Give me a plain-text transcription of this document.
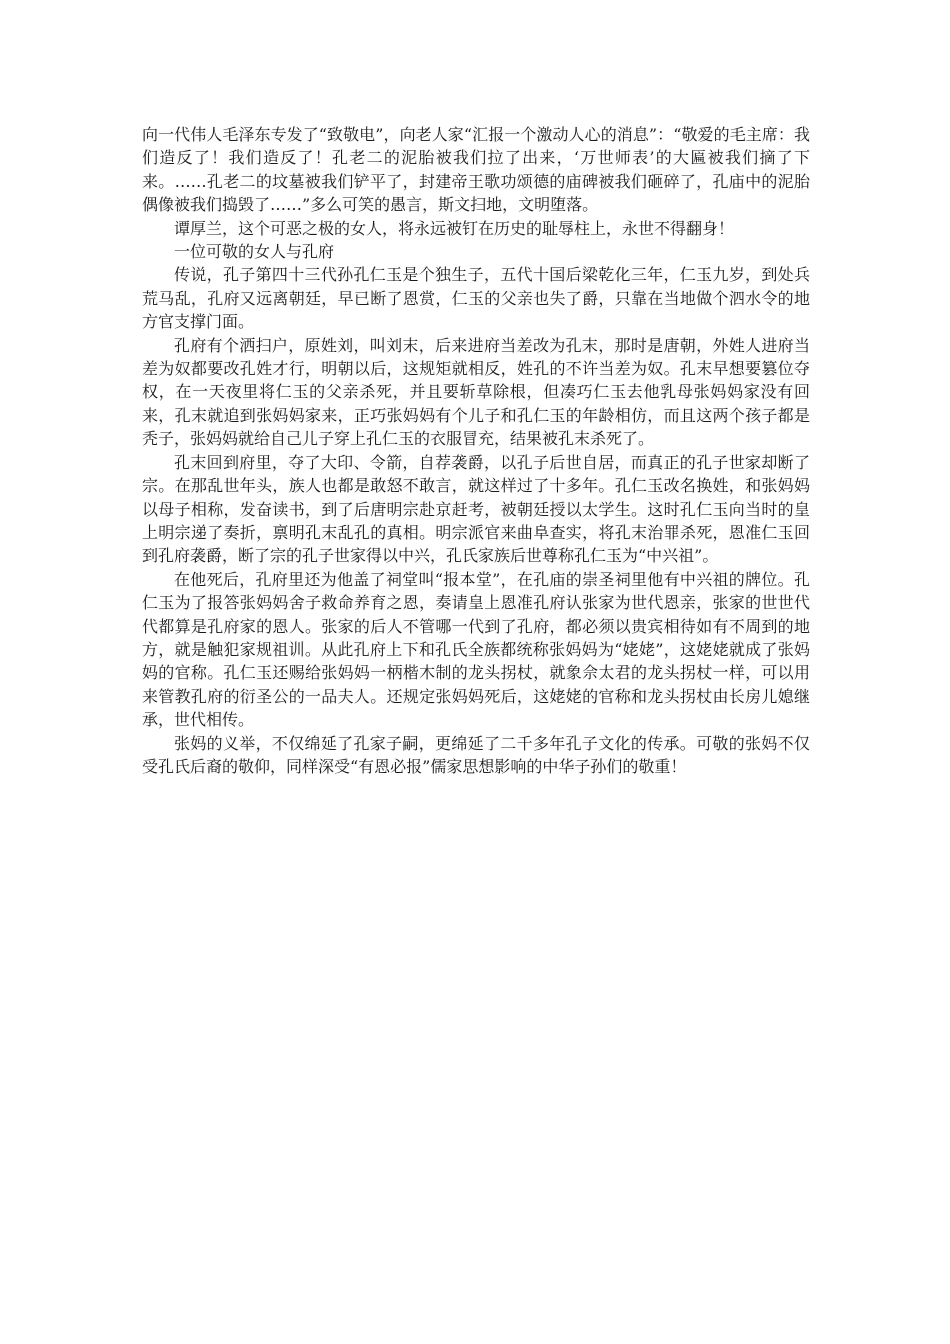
向一代伟人毛泽东专发了“致敬电”，向老人家“汇报一个激动人心的消息”：“敬爱的毛主席：我们造反了！我们造反了！孔老二的泥胎被我们拉了出来，‘万世师表’的大匾被我们摘了下来。……孔老二的坟墓被我们铲平了，封建帝王歌功颂德的庙碑被我们砸碎了，孔庙中的泥胎偶像被我们捣毁了……”多么可笑的愚言，斯文扫地，文明堕落。

谭厚兰，这个可恶之极的女人，将永远被钉在历史的耻辱柱上，永世不得翻身！

一位可敬的女人与孔府

传说，孔子第四十三代孙孔仁玉是个独生子，五代十国后梁乾化三年，仁玉九岁，到处兵荒马乱，孔府又远离朝廷，早已断了恩赏，仁玉的父亲也失了爵，只靠在当地做个泗水令的地方官支撑门面。

孔府有个洒扫户，原姓刘，叫刘末，后来进府当差改为孔末，那时是唐朝，外姓人进府当差为奴都要改孔姓才行，明朝以后，这规矩就相反，姓孔的不许当差为奴。孔末早想要篡位夺权，在一天夜里将仁玉的父亲杀死，并且要斩草除根，但凑巧仁玉去他乳母张妈妈家没有回来，孔末就追到张妈妈家来，正巧张妈妈有个儿子和孔仁玉的年龄相仿，而且这两个孩子都是秃子，张妈妈就给自己儿子穿上孔仁玉的衣服冒充，结果被孔末杀死了。

孔末回到府里，夺了大印、令箭，自荐袭爵，以孔子后世自居，而真正的孔子世家却断了宗。在那乱世年头，族人也都是敢怒不敢言，就这样过了十多年。孔仁玉改名换姓，和张妈妈以母子相称，发奋读书，到了后唐明宗赴京赶考，被朝廷授以太学生。这时孔仁玉向当时的皇上明宗递了奏折，禀明孔末乱孔的真相。明宗派官来曲阜查实，将孔末治罪杀死，恩准仁玉回到孔府袭爵，断了宗的孔子世家得以中兴，孔氏家族后世尊称孔仁玉为“中兴祖”。

在他死后，孔府里还为他盖了祠堂叫“报本堂”，在孔庙的崇圣祠里他有中兴祖的牌位。孔仁玉为了报答张妈妈舍子救命养育之恩，奏请皇上恩准孔府认张家为世代恩亲，张家的世世代代都算是孔府家的恩人。张家的后人不管哪一代到了孔府，都必须以贵宾相待如有不周到的地方，就是触犯家规祖训。从此孔府上下和孔氏全族都统称张妈妈为“姥姥”，这姥姥就成了张妈妈的官称。孔仁玉还赐给张妈妈一柄楷木制的龙头拐杖，就象佘太君的龙头拐杖一样，可以用来管教孔府的衍圣公的一品夫人。还规定张妈妈死后，这姥姥的官称和龙头拐杖由长房儿媳继承，世代相传。

张妈的义举，不仅绵延了孔家子嗣，更绵延了二千多年孔子文化的传承。可敬的张妈不仅受孔氏后裔的敬仰，同样深受“有恩必报”儒家思想影响的中华子孙们的敬重！
